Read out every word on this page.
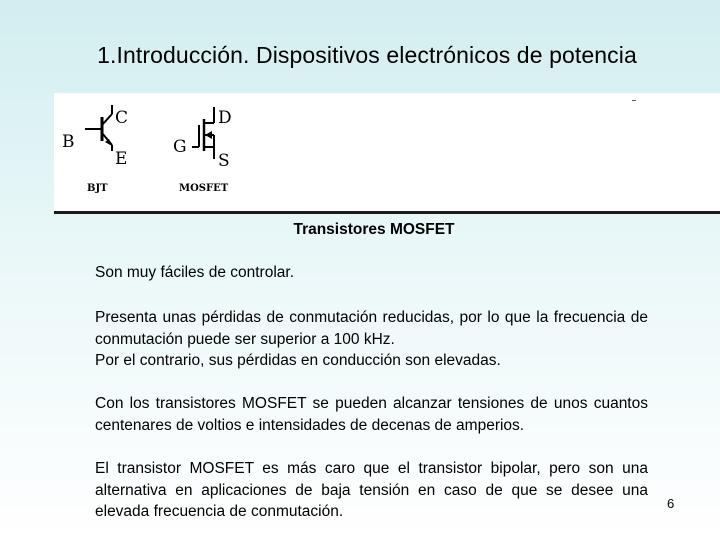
1.Introducción. Dispositivos electrónicos de potencia
B
C
E
BJT
G
D
S
MOSFET
Transistores MOSFET
Son muy fáciles de controlar.
Presenta unas pérdidas de conmutación reducidas, por lo que la frecuencia de conmutación puede ser superior a 100 kHz.
Por el contrario, sus pérdidas en conducción son elevadas.
Con los transistores MOSFET se pueden alcanzar tensiones de unos cuantos centenares de voltios e intensidades de decenas de amperios.
El transistor MOSFET es más caro que el transistor bipolar, pero son una alternativa en aplicaciones de baja tensión en caso de que se desee una elevada frecuencia de conmutación.	6
